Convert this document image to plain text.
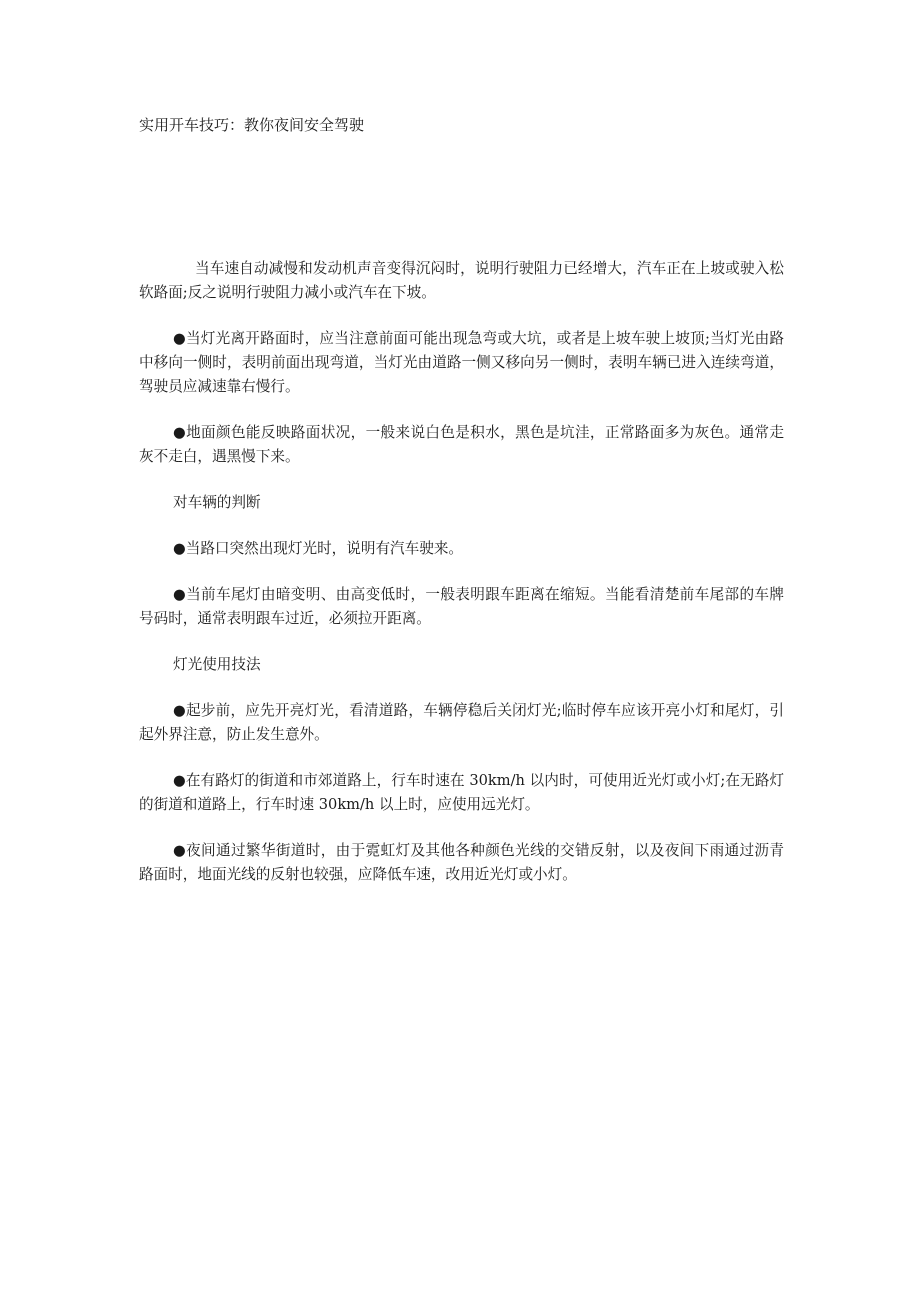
实用开车技巧：教你夜间安全驾驶

当车速自动减慢和发动机声音变得沉闷时，说明行驶阻力已经增大，汽车正在上坡或驶入松软路面;反之说明行驶阻力减小或汽车在下坡。

●当灯光离开路面时，应当注意前面可能出现急弯或大坑，或者是上坡车驶上坡顶;当灯光由路中移向一侧时，表明前面出现弯道，当灯光由道路一侧又移向另一侧时，表明车辆已进入连续弯道，驾驶员应减速靠右慢行。

●地面颜色能反映路面状况，一般来说白色是积水，黑色是坑洼，正常路面多为灰色。通常走灰不走白，遇黑慢下来。

对车辆的判断

●当路口突然出现灯光时，说明有汽车驶来。

●当前车尾灯由暗变明、由高变低时，一般表明跟车距离在缩短。当能看清楚前车尾部的车牌号码时，通常表明跟车过近，必须拉开距离。

灯光使用技法

●起步前，应先开亮灯光，看清道路，车辆停稳后关闭灯光;临时停车应该开亮小灯和尾灯，引起外界注意，防止发生意外。

●在有路灯的街道和市郊道路上，行车时速在 30km/h 以内时，可使用近光灯或小灯;在无路灯的街道和道路上，行车时速 30km/h 以上时，应使用远光灯。

●夜间通过繁华街道时，由于霓虹灯及其他各种颜色光线的交错反射，以及夜间下雨通过沥青路面时，地面光线的反射也较强，应降低车速，改用近光灯或小灯。
